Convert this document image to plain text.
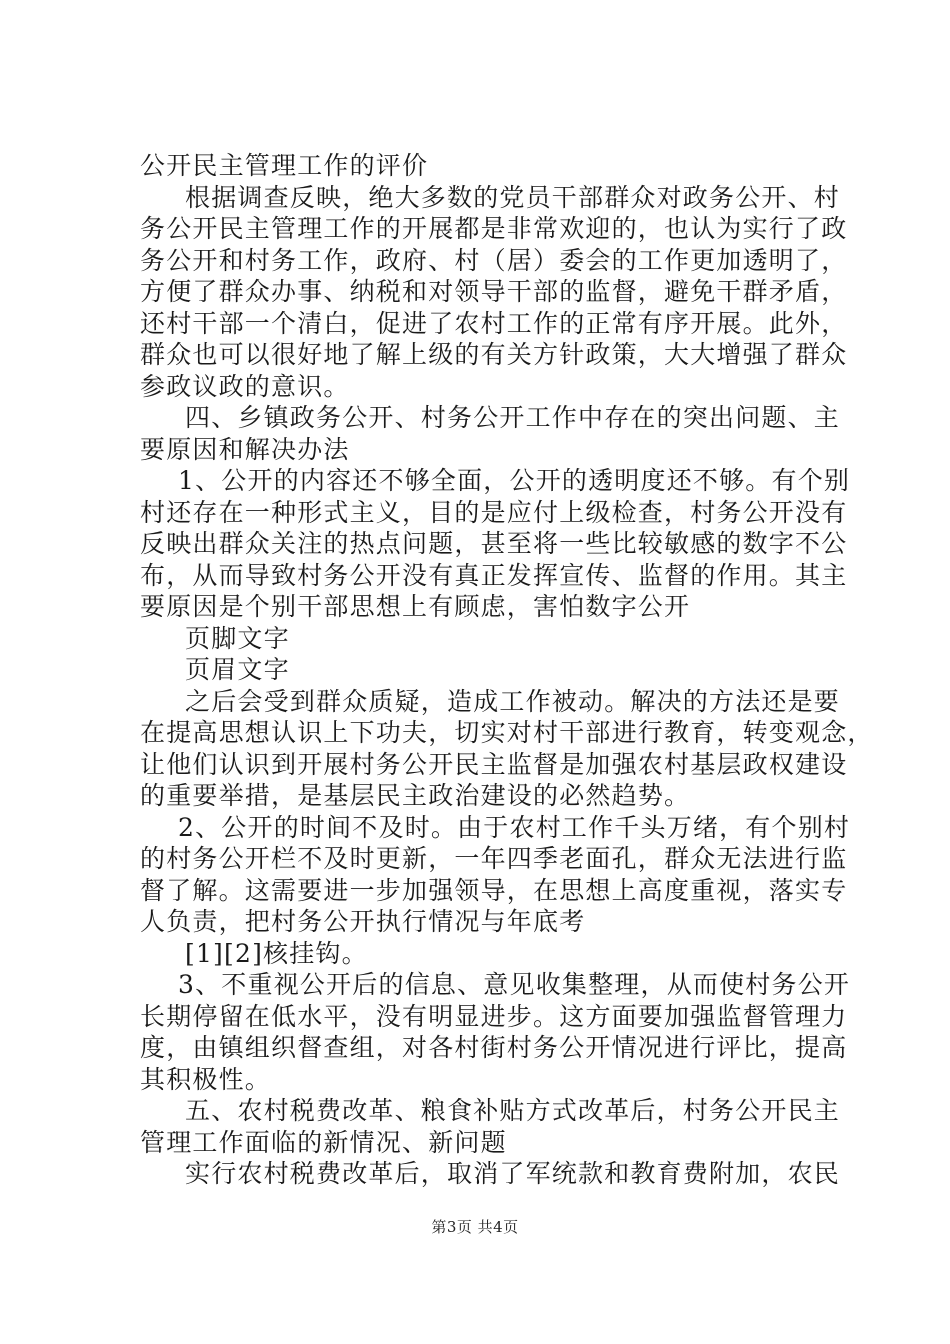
公开民主管理工作的评价
根据调查反映，绝大多数的党员干部群众对政务公开、村
务公开民主管理工作的开展都是非常欢迎的，也认为实行了政
务公开和村务工作，政府、村（居）委会的工作更加透明了，
方便了群众办事、纳税和对领导干部的监督，避免干群矛盾，
还村干部一个清白，促进了农村工作的正常有序开展。此外，
群众也可以很好地了解上级的有关方针政策，大大增强了群众
参政议政的意识。
四、乡镇政务公开、村务公开工作中存在的突出问题、主
要原因和解决办法
1、公开的内容还不够全面，公开的透明度还不够。有个别
村还存在一种形式主义，目的是应付上级检查，村务公开没有
反映出群众关注的热点问题，甚至将一些比较敏感的数字不公
布，从而导致村务公开没有真正发挥宣传、监督的作用。其主
要原因是个别干部思想上有顾虑，害怕数字公开
页脚文字
页眉文字
之后会受到群众质疑，造成工作被动。解决的方法还是要
在提高思想认识上下功夫，切实对村干部进行教育，转变观念，
让他们认识到开展村务公开民主监督是加强农村基层政权建设
的重要举措，是基层民主政治建设的必然趋势。
2、公开的时间不及时。由于农村工作千头万绪，有个别村
的村务公开栏不及时更新，一年四季老面孔，群众无法进行监
督了解。这需要进一步加强领导，在思想上高度重视，落实专
人负责，把村务公开执行情况与年底考
[1][2]核挂钩。
3、不重视公开后的信息、意见收集整理，从而使村务公开
长期停留在低水平，没有明显进步。这方面要加强监督管理力
度，由镇组织督查组，对各村街村务公开情况进行评比，提高
其积极性。
五、农村税费改革、粮食补贴方式改革后，村务公开民主
管理工作面临的新情况、新问题
实行农村税费改革后，取消了军统款和教育费附加，农民
第3页 共4页
